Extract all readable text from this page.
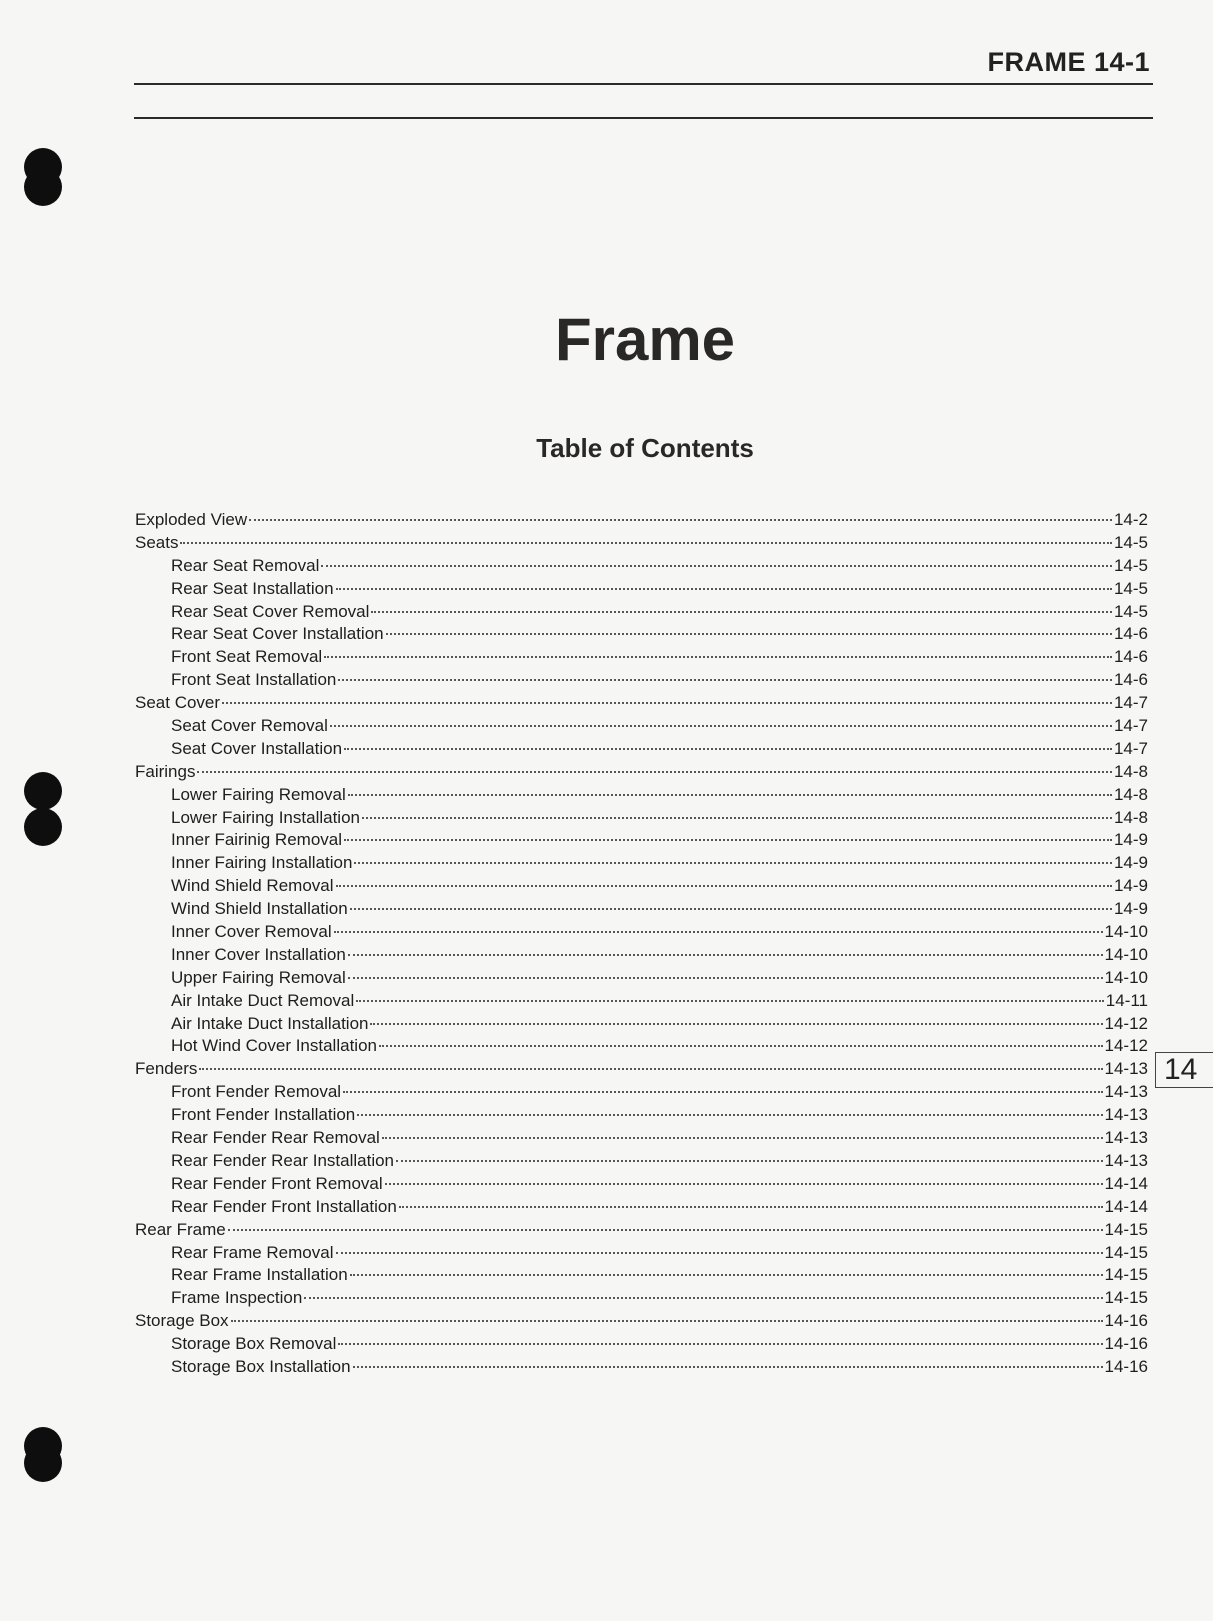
FRAME 14-1
Frame
Table of Contents
Exploded View	14-2
Seats	14-5
Rear Seat Removal	14-5
Rear Seat Installation	14-5
Rear Seat Cover Removal	14-5
Rear Seat Cover Installation	14-6
Front Seat Removal	14-6
Front Seat Installation	14-6
Seat Cover	14-7
Seat Cover Removal	14-7
Seat Cover Installation	14-7
Fairings	14-8
Lower Fairing Removal	14-8
Lower Fairing Installation	14-8
Inner Fairinig Removal	14-9
Inner Fairing Installation	14-9
Wind Shield Removal	14-9
Wind Shield Installation	14-9
Inner Cover Removal	14-10
Inner Cover Installation	14-10
Upper Fairing Removal	14-10
Air Intake Duct Removal	14-11
Air Intake Duct Installation	14-12
Hot Wind Cover Installation	14-12
Fenders	14-13
Front Fender Removal	14-13
Front Fender Installation	14-13
Rear Fender Rear Removal	14-13
Rear Fender Rear Installation	14-13
Rear Fender Front Removal	14-14
Rear Fender Front Installation	14-14
Rear Frame	14-15
Rear Frame Removal	14-15
Rear Frame Installation	14-15
Frame Inspection	14-15
Storage Box	14-16
Storage Box Removal	14-16
Storage Box Installation	14-16
14
